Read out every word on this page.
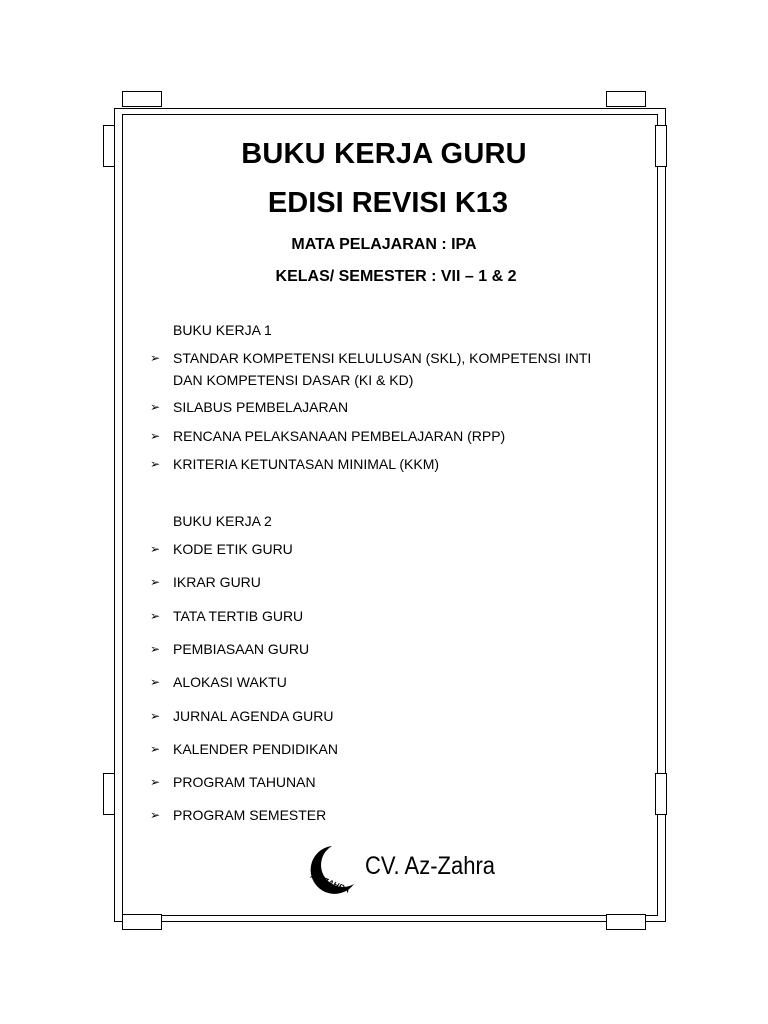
BUKU KERJA GURU
EDISI REVISI K13
MATA PELAJARAN : IPA
KELAS/ SEMESTER : VII – 1 & 2
BUKU KERJA 1
➢ STANDAR KOMPETENSI KELULUSAN (SKL), KOMPETENSI INTI
DAN KOMPETENSI DASAR (KI & KD)
➢ SILABUS PEMBELAJARAN
➢ RENCANA PELAKSANAAN PEMBELAJARAN (RPP)
➢ KRITERIA KETUNTASAN MINIMAL (KKM)
BUKU KERJA 2
➢ KODE ETIK GURU
➢ IKRAR GURU
➢ TATA TERTIB GURU
➢ PEMBIASAAN GURU
➢ ALOKASI WAKTU
➢ JURNAL AGENDA GURU
➢ KALENDER PENDIDIKAN
➢ PROGRAM TAHUNAN
➢ PROGRAM SEMESTER
AZ-ZAHRA
CV. Az-Zahra
